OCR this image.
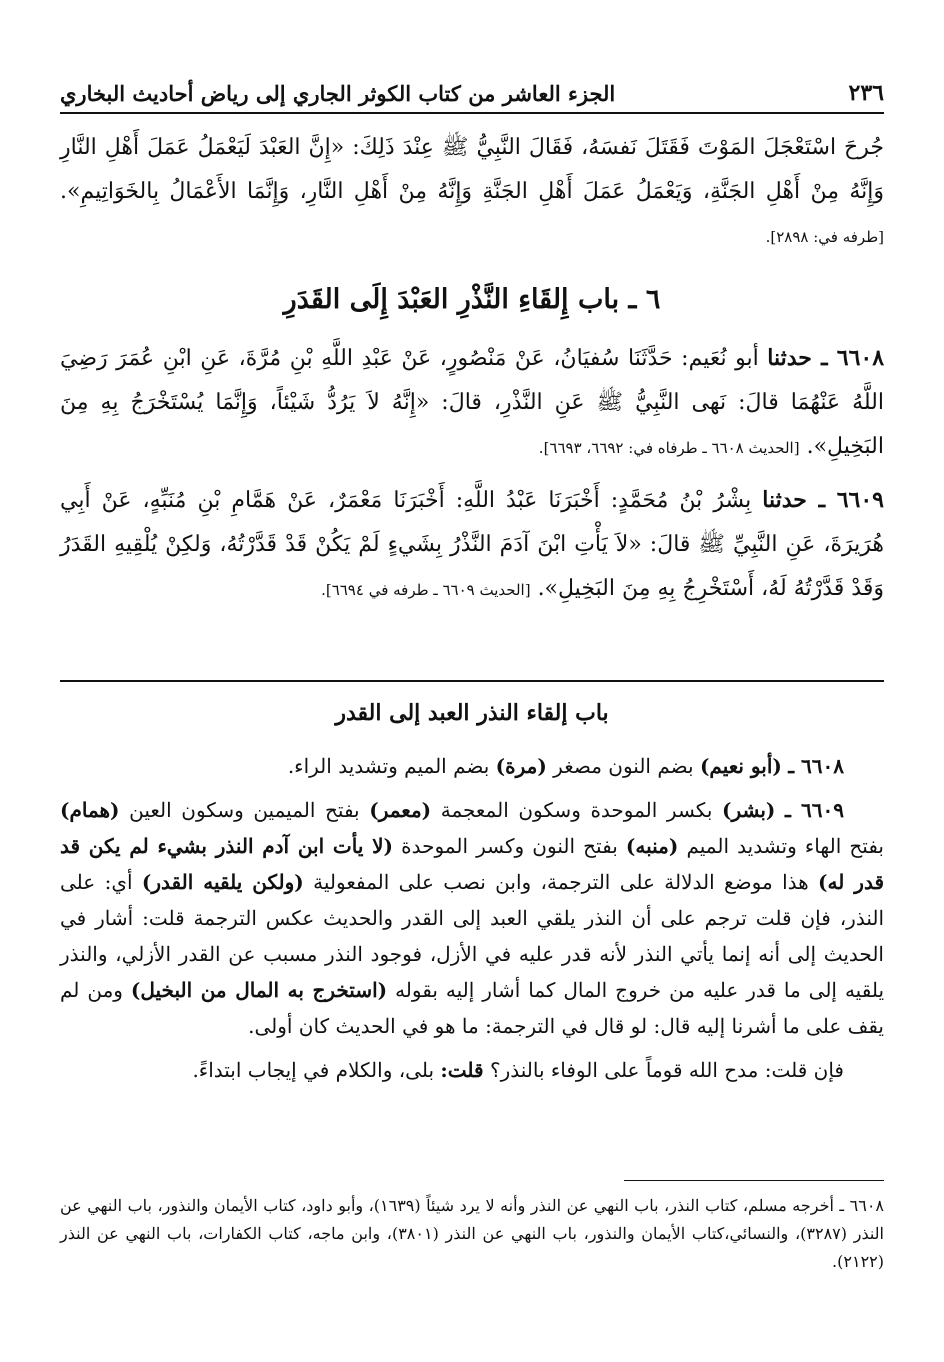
٢٣٦
الجزء العاشر من كتاب الكوثر الجاري إلى رياض أحاديث البخاري
جُرحَ اسْتَعْجَلَ المَوْتَ فَقَتَلَ نَفسَهُ، فَقَالَ النَّبِيُّ ﷺ عِنْدَ ذَلِكَ: «إِنَّ العَبْدَ لَيَعْمَلُ عَمَلَ أَهْلِ النَّارِ وَإِنَّهُ مِنْ أَهْلِ الجَنَّةِ، وَيَعْمَلُ عَمَلَ أَهْلِ الجَنَّةِ وَإِنَّهُ مِنْ أَهْلِ النَّارِ، وَإِنَّمَا الأَعْمَالُ بِالخَوَاتِيمِ». [طرفه في: ٢٨٩٨].
٦ ـ باب إِلقَاءِ النَّذْرِ العَبْدَ إِلَى القَدَرِ
٦٦٠٨ ـ حدثنا أبو نُعَيم: حَدَّثَنَا سُفيَانُ، عَنْ مَنْصُورٍ، عَنْ عَبْدِ اللَّهِ بْنِ مُرَّةَ، عَنِ ابْنِ عُمَرَ رَضِيَ اللَّهُ عَنْهُمَا قالَ: نَهى النَّبِيُّ ﷺ عَنِ النَّذْرِ، قالَ: «إِنَّهُ لاَ يَرُدُّ شَيْئاً، وَإِنَّمَا يُسْتَخْرَجُ بِهِ مِنَ البَخِيلِ». [الحديث ٦٦٠٨ ـ طرفاه في: ٦٦٩٢، ٦٦٩٣].
٦٦٠٩ ـ حدثنا بِشْرُ بْنُ مُحَمَّدٍ: أَخْبَرَنَا عَبْدُ اللَّهِ: أَخْبَرَنَا مَعْمَرٌ، عَنْ هَمَّامِ بْنِ مُنَبِّهٍ، عَنْ أَبِي هُرَيرَةَ، عَنِ النَّبِيِّ ﷺ قالَ: «لاَ يَأْتِ ابْنَ آدَمَ النَّذْرُ بِشَيءٍ لَمْ يَكُنْ قَدْ قَدَّرْتُهُ، وَلكِنْ يُلْقِيهِ القَدَرُ وَقَدْ قَدَّرْتُهُ لَهُ، أَسْتَخْرِجُ بِهِ مِنَ البَخِيلِ». [الحديث ٦٦٠٩ ـ طرفه في ٦٦٩٤].
باب إلقاء النذر العبد إلى القدر

٦٦٠٨ ـ (أبو نعيم) بضم النون مصغر (مرة) بضم الميم وتشديد الراء.

٦٦٠٩ ـ (بشر) بكسر الموحدة وسكون المعجمة (معمر) بفتح الميمين وسكون العين (همام) بفتح الهاء وتشديد الميم (منبه) بفتح النون وكسر الموحدة (لا يأت ابن آدم النذر بشيء لم يكن قد قدر له) هذا موضع الدلالة على الترجمة، وابن نصب على المفعولية (ولكن يلقيه القدر) أي: على النذر، فإن قلت ترجم على أن النذر يلقي العبد إلى القدر والحديث عكس الترجمة قلت: أشار في الحديث إلى أنه إنما يأتي النذر لأنه قدر عليه في الأزل، فوجود النذر مسبب عن القدر الأزلي، والنذر يلقيه إلى ما قدر عليه من خروج المال كما أشار إليه بقوله (استخرج به المال من البخيل) ومن لم يقف على ما أشرنا إليه قال: لو قال في الترجمة: ما هو في الحديث كان أولى.

فإن قلت: مدح الله قوماً على الوفاء بالنذر؟ قلت: بلى، والكلام في إيجاب ابتداءً.

٦٦٠٨ ـ أخرجه مسلم، كتاب النذر، باب النهي عن النذر وأنه لا يرد شيئاً (١٦٣٩)، وأبو داود، كتاب الأيمان والنذور، باب النهي عن النذر (٣٢٨٧)، والنسائي،كتاب الأيمان والنذور، باب النهي عن النذر (٣٨٠١)، وابن ماجه، كتاب الكفارات، باب النهي عن النذر (٢١٢٢).
